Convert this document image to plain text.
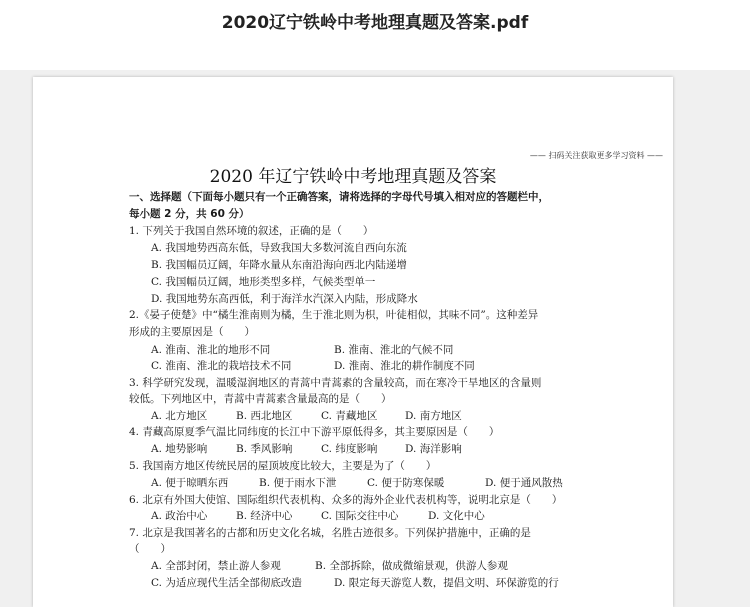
2020辽宁铁岭中考地理真题及答案.pdf
—— 扫码关注获取更多学习资料 ——
2020 年辽宁铁岭中考地理真题及答案
一、选择题（下面每小题只有一个正确答案，请将选择的字母代号填入相对应的答题栏中，
每小题 2 分，共 60 分）
1. 下列关于我国自然环境的叙述，正确的是（　　）
A. 我国地势西高东低，导致我国大多数河流自西向东流
B. 我国幅员辽阔，年降水量从东南沿海向西北内陆递增
C. 我国幅员辽阔，地形类型多样，气候类型单一
D. 我国地势东高西低，利于海洋水汽深入内陆，形成降水
2.《晏子使楚》中“橘生淮南则为橘，生于淮北则为枳，叶徒相似，其味不同”。这种差异
形成的主要原因是（　　）
A. 淮南、淮北的地形不同	B. 淮南、淮北的气候不同
C. 淮南、淮北的栽培技术不同	D. 淮南、淮北的耕作制度不同
3. 科学研究发现，温暖湿润地区的青蒿中青蒿素的含量较高，而在寒冷干旱地区的含量则
较低。下列地区中，青蒿中青蒿素含量最高的是（　　）
A. 北方地区	B. 西北地区	C. 青藏地区	D. 南方地区
4. 青藏高原夏季气温比同纬度的长江中下游平原低得多，其主要原因是（　　）
A. 地势影响	B. 季风影响	C. 纬度影响	D. 海洋影响
5. 我国南方地区传统民居的屋顶坡度比较大，主要是为了（　　）
A. 便于晾晒东西	B. 便于雨水下泄	C. 便于防寒保暖	D. 便于通风散热
6. 北京有外国大使馆、国际组织代表机构、众多的海外企业代表机构等，说明北京是（　　）
A. 政治中心	B. 经济中心	C. 国际交往中心	D. 文化中心
7. 北京是我国著名的古都和历史文化名城，名胜古迹很多。下列保护措施中，正确的是
（　　）
A. 全部封闭，禁止游人参观	B. 全部拆除，做成微缩景观，供游人参观
C. 为适应现代生活全部彻底改造	D. 限定每天游览人数，提倡文明、环保游览的行
